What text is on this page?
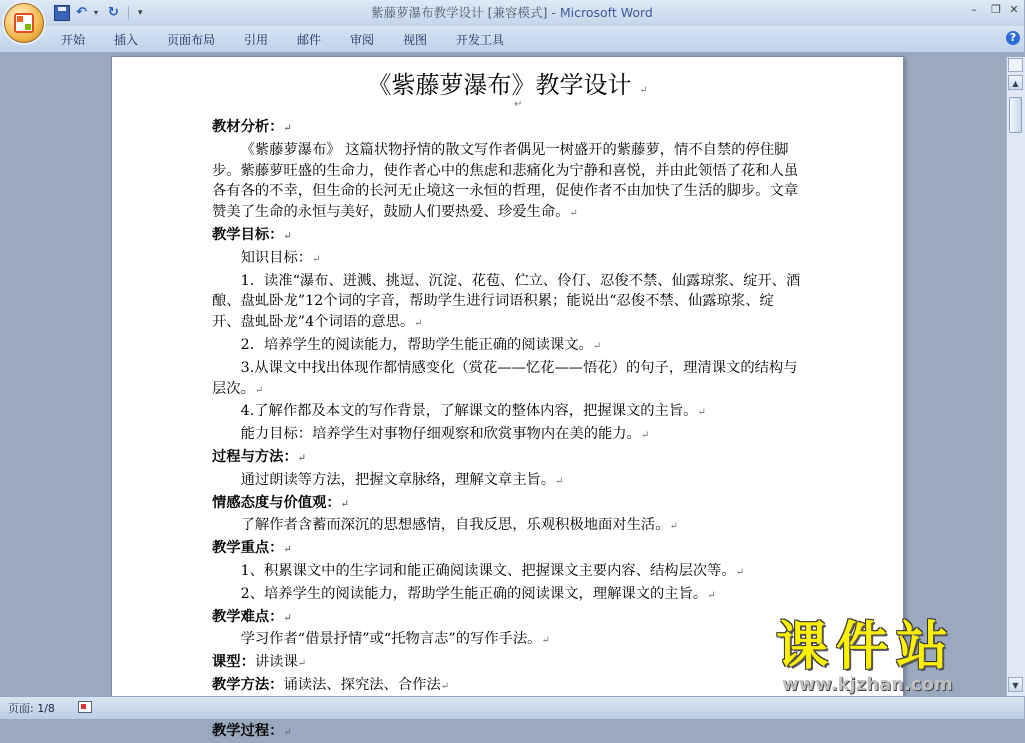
紫藤萝瀑布教学设计 [兼容模式] - Microsoft Word
↶ ▾ ↻ ▾	–	❐ ✕
开始 插入 页面布局 引用 邮件 审阅 视图 开发工具	?
《紫藤萝瀑布》教学设计 ↵
↵
教材分析：↵
《紫藤萝瀑布》 这篇状物抒情的散文写作者偶见一树盛开的紫藤萝，情不自禁的停住脚步。紫藤萝旺盛的生命力，使作者心中的焦虑和悲痛化为宁静和喜悦，并由此领悟了花和人虽各有各的不幸，但生命的长河无止境这一永恒的哲理，促使作者不由加快了生活的脚步。文章赞美了生命的永恒与美好，鼓励人们要热爱、珍爱生命。↵
教学目标：↵
知识目标：↵
1．读准“瀑布、迸溅、挑逗、沉淀、花苞、伫立、伶仃、忍俊不禁、仙露琼浆、绽开、酒酿、盘虬卧龙”12个词的字音，帮助学生进行词语积累；能说出“忍俊不禁、仙露琼浆、绽开、盘虬卧龙”4个词语的意思。↵
2．培养学生的阅读能力，帮助学生能正确的阅读课文。↵
3.从课文中找出体现作都情感变化（赏花——忆花——悟花）的句子，理清课文的结构与层次。↵
4.了解作都及本文的写作背景，了解课文的整体内容，把握课文的主旨。↵
能力目标：培养学生对事物仔细观察和欣赏事物内在美的能力。↵
过程与方法：↵
通过朗读等方法，把握文章脉络，理解文章主旨。↵
情感态度与价值观：↵
了解作者含蓄而深沉的思想感情，自我反思，乐观积极地面对生活。↵
教学重点：↵
1、积累课文中的生字词和能正确阅读课文、把握课文主要内容、结构层次等。↵
2、培养学生的阅读能力，帮助学生能正确的阅读课文，理解课文的主旨。↵
教学难点：↵
学习作者“借景抒情”或“托物言志”的写作手法。↵
课型：讲读课↵
教学方法：诵读法、探究法、合作法↵
教学过程：↵
▲
▼
页面: 1/8
课件站
www.kjzhan.com
